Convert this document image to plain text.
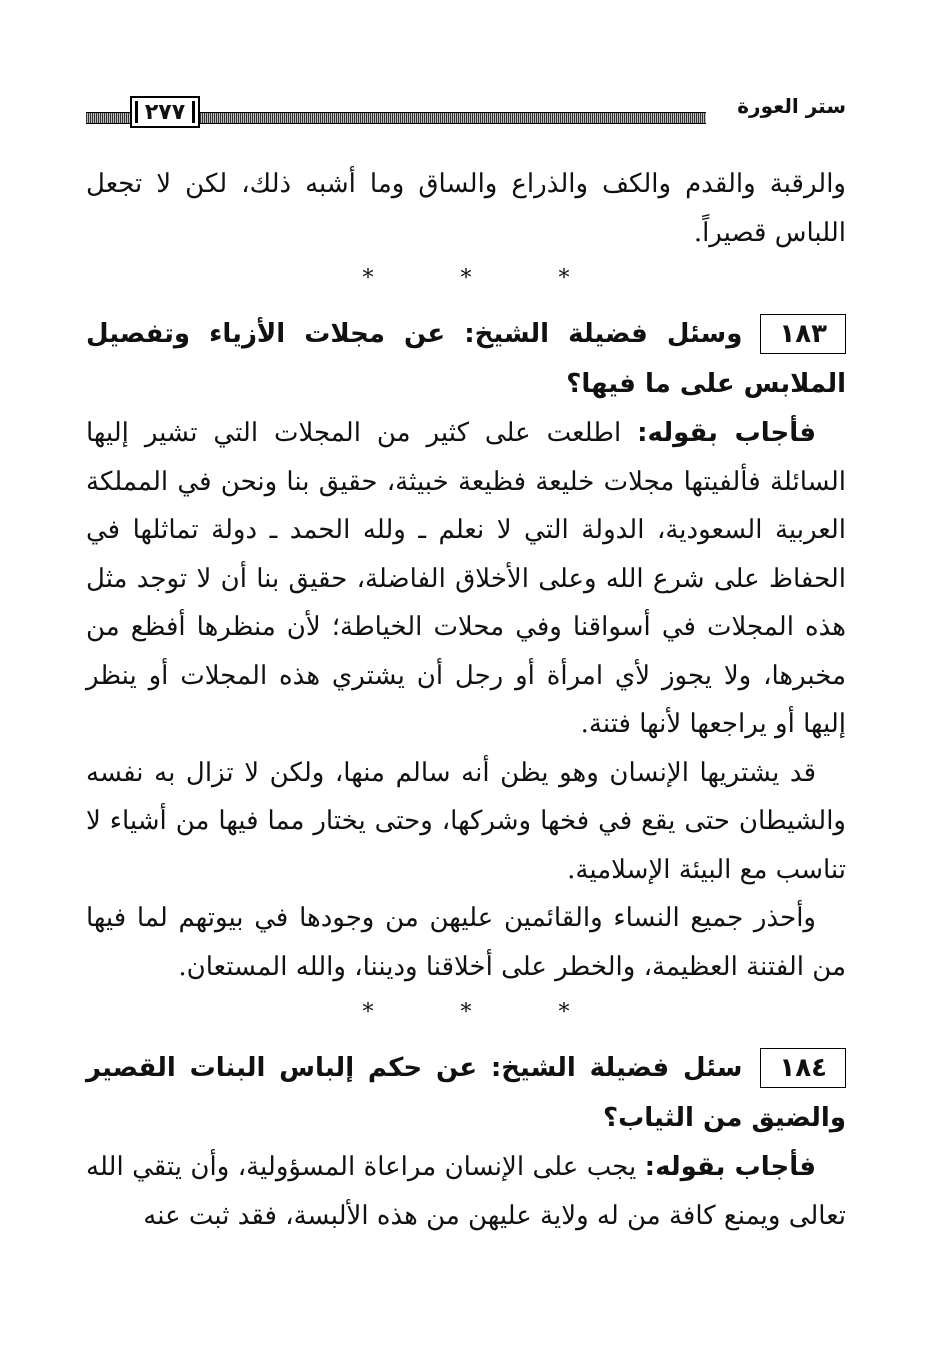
ستر العورة
٢٧٧

والرقبة والقدم والكف والذراع والساق وما أشبه ذلك، لكن لا تجعل اللباس قصيراً.

* * *

١٨٣وسئل فضيلة الشيخ: عن مجلات الأزياء وتفصيل الملابس على ما فيها؟

فأجاب بقوله: اطلعت على كثير من المجلات التي تشير إليها السائلة فألفيتها مجلات خليعة فظيعة خبيثة، حقيق بنا ونحن في المملكة العربية السعودية، الدولة التي لا نعلم ـ ولله الحمد ـ دولة تماثلها في الحفاظ على شرع الله وعلى الأخلاق الفاضلة، حقيق بنا أن لا توجد مثل هذه المجلات في أسواقنا وفي محلات الخياطة؛ لأن منظرها أفظع من مخبرها، ولا يجوز لأي امرأة أو رجل أن يشتري هذه المجلات أو ينظر إليها أو يراجعها لأنها فتنة.

قد يشتريها الإنسان وهو يظن أنه سالم منها، ولكن لا تزال به نفسه والشيطان حتى يقع في فخها وشركها، وحتى يختار مما فيها من أشياء لا تناسب مع البيئة الإسلامية.

وأحذر جميع النساء والقائمين عليهن من وجودها في بيوتهم لما فيها من الفتنة العظيمة، والخطر على أخلاقنا وديننا، والله المستعان.

* * *

١٨٤سئل فضيلة الشيخ: عن حكم إلباس البنات القصير والضيق من الثياب؟

فأجاب بقوله: يجب على الإنسان مراعاة المسؤولية، وأن يتقي الله تعالى ويمنع كافة من له ولاية عليهن من هذه الألبسة، فقد ثبت عنه
